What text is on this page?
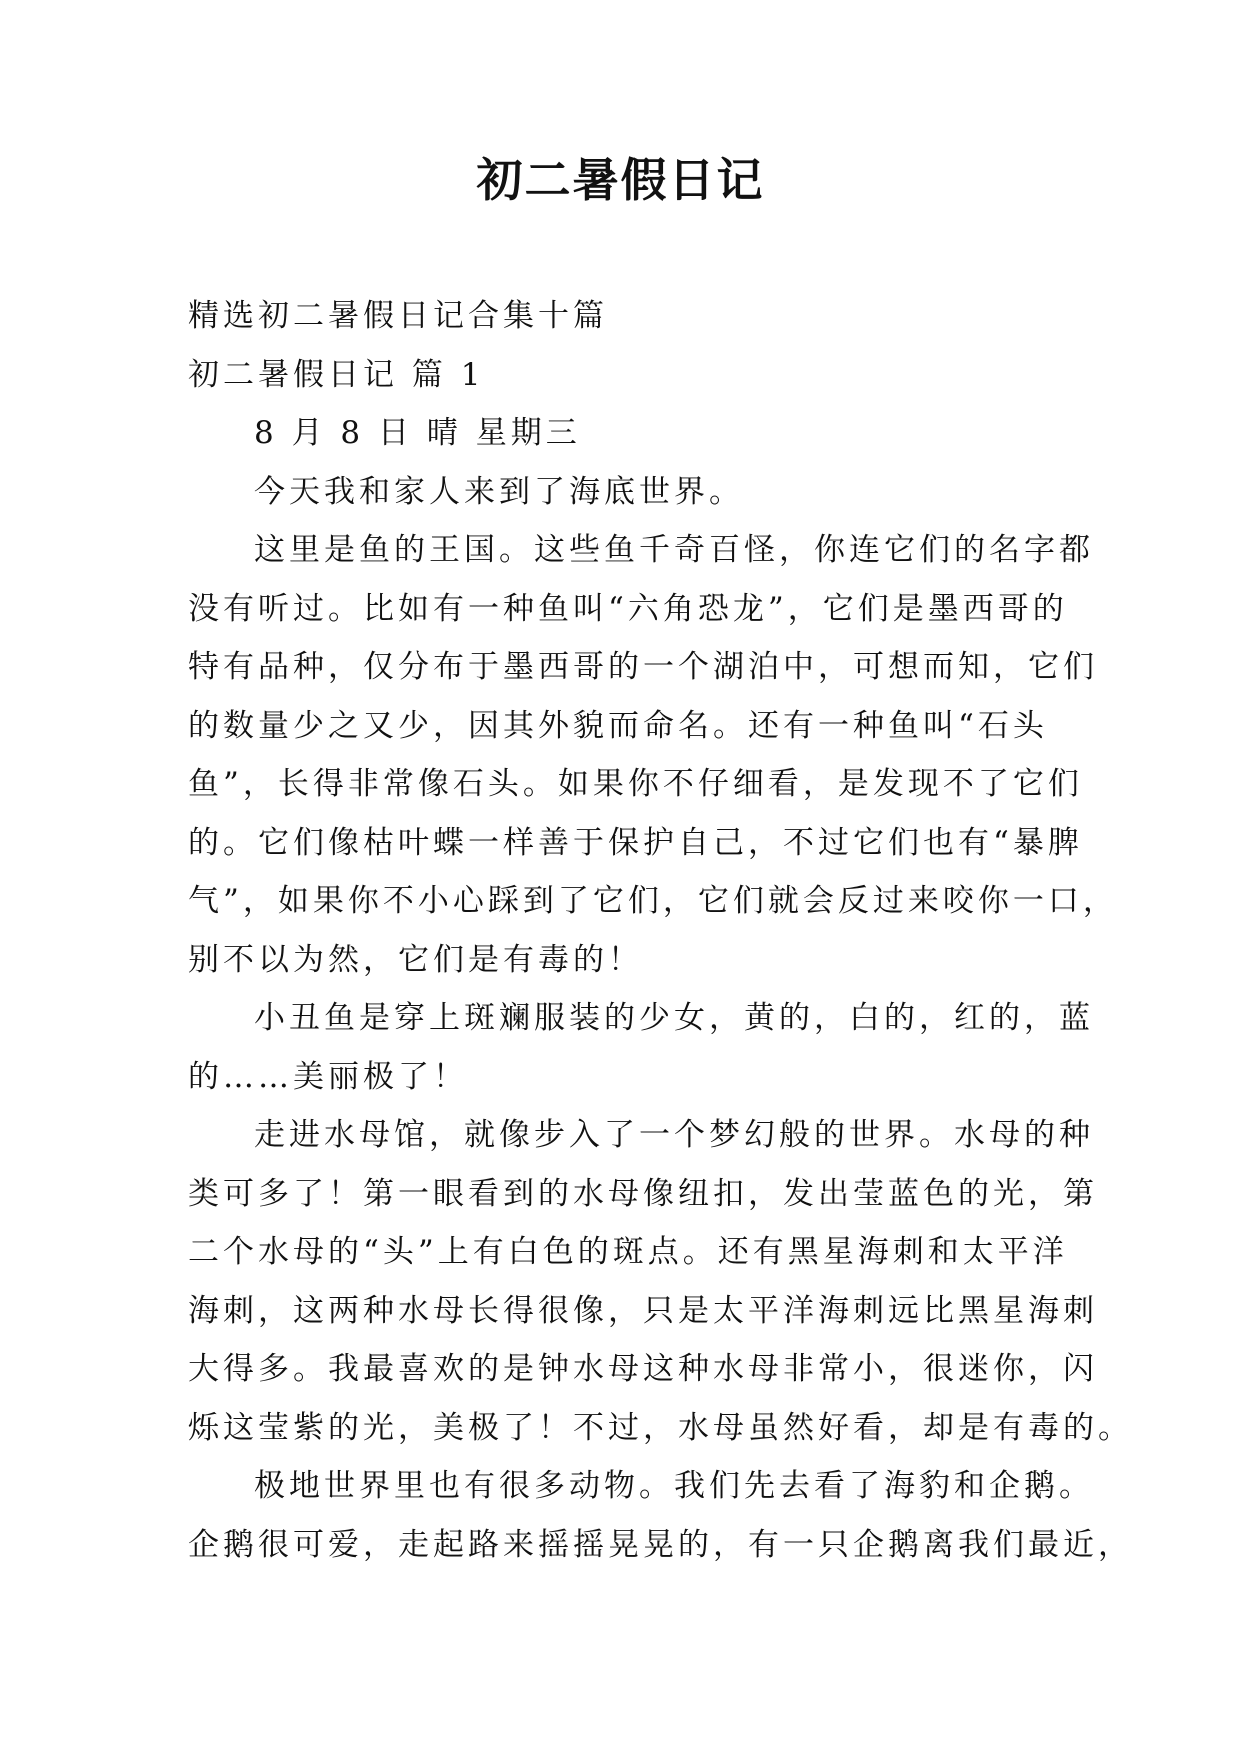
初二暑假日记
精选初二暑假日记合集十篇
初二暑假日记 篇 1
8 月 8 日 晴 星期三
今天我和家人来到了海底世界。
这里是鱼的王国。这些鱼千奇百怪，你连它们的名字都
没有听过。比如有一种鱼叫“六角恐龙”，它们是墨西哥的
特有品种，仅分布于墨西哥的一个湖泊中，可想而知，它们
的数量少之又少，因其外貌而命名。还有一种鱼叫“石头
鱼”，长得非常像石头。如果你不仔细看，是发现不了它们
的。它们像枯叶蝶一样善于保护自己，不过它们也有“暴脾
气”，如果你不小心踩到了它们，它们就会反过来咬你一口，
别不以为然，它们是有毒的！
小丑鱼是穿上斑斓服装的少女，黄的，白的，红的，蓝
的……美丽极了！
走进水母馆，就像步入了一个梦幻般的世界。水母的种
类可多了！第一眼看到的水母像纽扣，发出莹蓝色的光，第
二个水母的“头”上有白色的斑点。还有黑星海刺和太平洋
海刺，这两种水母长得很像，只是太平洋海刺远比黑星海刺
大得多。我最喜欢的是钟水母这种水母非常小，很迷你，闪
烁这莹紫的光，美极了！不过，水母虽然好看，却是有毒的。
极地世界里也有很多动物。我们先去看了海豹和企鹅。
企鹅很可爱，走起路来摇摇晃晃的，有一只企鹅离我们最近，
